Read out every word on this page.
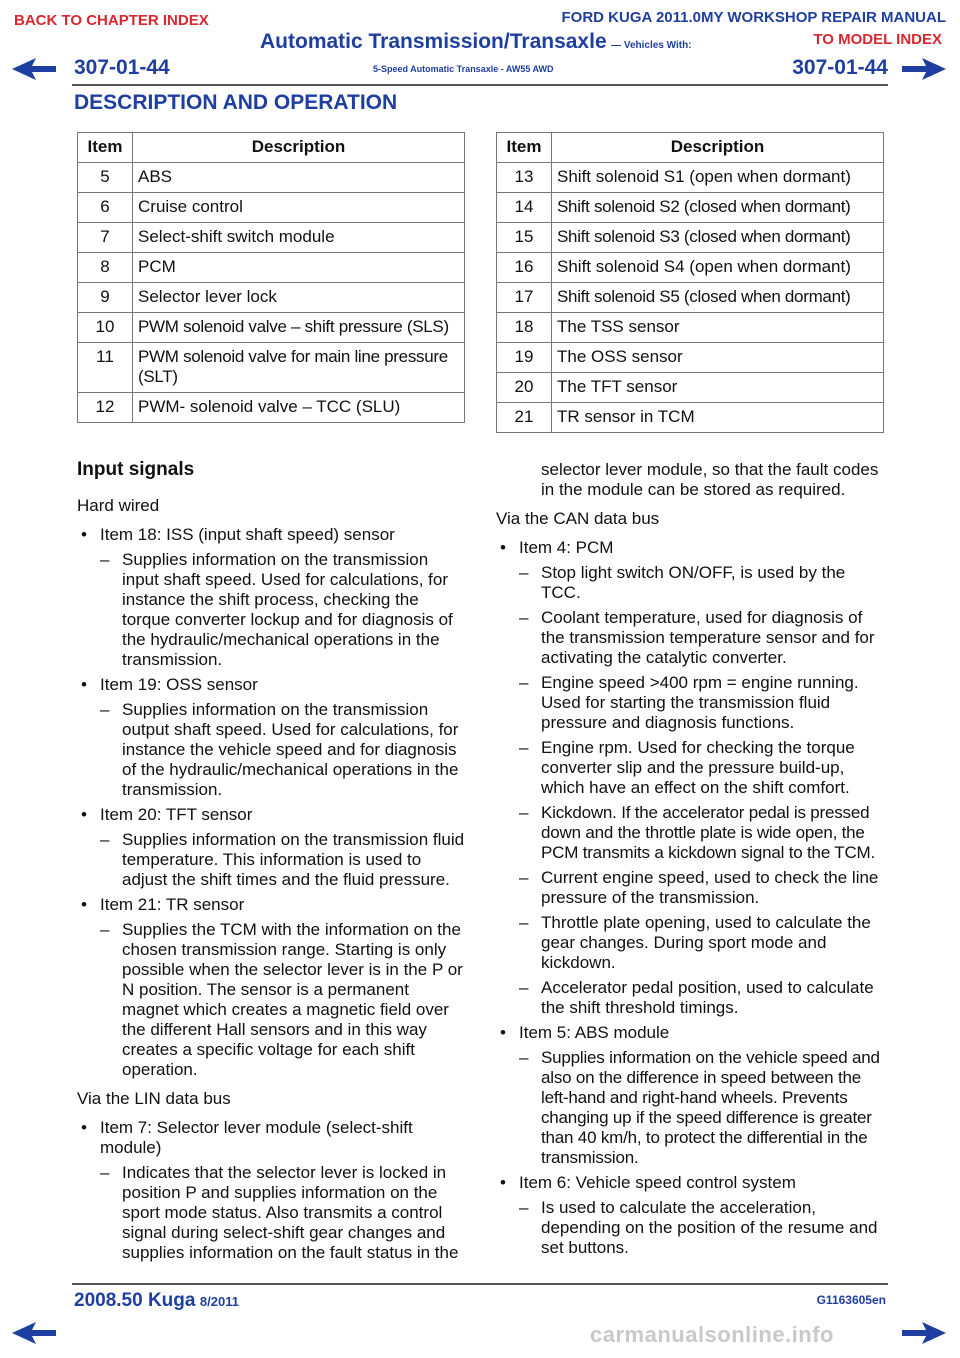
BACK TO CHAPTER INDEX	FORD KUGA 2011.0MY WORKSHOP REPAIR MANUAL
TO MODEL INDEX
Automatic Transmission/Transaxle — Vehicles With:
5-Speed Automatic Transaxle - AW55 AWD
307-01-44	307-01-44
DESCRIPTION AND OPERATION
Item	Description
5	ABS
6	Cruise control
7	Select-shift switch module
8	PCM
9	Selector lever lock
10	PWM solenoid valve – shift pressure (SLS)
11	PWM solenoid valve for main line pressure (SLT)
12	PWM- solenoid valve – TCC (SLU)
Item	Description
13	Shift solenoid S1 (open when dormant)
14	Shift solenoid S2 (closed when dormant)
15	Shift solenoid S3 (closed when dormant)
16	Shift solenoid S4 (open when dormant)
17	Shift solenoid S5 (closed when dormant)
18	The TSS sensor
19	The OSS sensor
20	The TFT sensor
21	TR sensor in TCM
Input signals

Hard wired

• Item 18: ISS (input shaft speed) sensor
– Supplies information on the transmission input shaft speed. Used for calculations, for instance the shift process, checking the torque converter lockup and for diagnosis of the hydraulic/mechanical operations in the transmission.
• Item 19: OSS sensor
– Supplies information on the transmission output shaft speed. Used for calculations, for instance the vehicle speed and for diagnosis of the hydraulic/mechanical operations in the transmission.
• Item 20: TFT sensor
– Supplies information on the transmission fluid temperature. This information is used to adjust the shift times and the fluid pressure.
• Item 21: TR sensor
– Supplies the TCM with the information on the chosen transmission range. Starting is only possible when the selector lever is in the P or N position. The sensor is a permanent magnet which creates a magnetic field over the different Hall sensors and in this way creates a specific voltage for each shift operation.

Via the LIN data bus

• Item 7: Selector lever module (select-shift module)
– Indicates that the selector lever is locked in position P and supplies information on the sport mode status. Also transmits a control signal during select-shift gear changes and supplies information on the fault status in the
selector lever module, so that the fault codes in the module can be stored as required.

Via the CAN data bus

• Item 4: PCM
– Stop light switch ON/OFF, is used by the TCC.
– Coolant temperature, used for diagnosis of the transmission temperature sensor and for activating the catalytic converter.
– Engine speed >400 rpm = engine running. Used for starting the transmission fluid pressure and diagnosis functions.
– Engine rpm. Used for checking the torque converter slip and the pressure build-up, which have an effect on the shift comfort.
– Kickdown. If the accelerator pedal is pressed down and the throttle plate is wide open, the PCM transmits a kickdown signal to the TCM.
– Current engine speed, used to check the line pressure of the transmission.
– Throttle plate opening, used to calculate the gear changes. During sport mode and kickdown.
– Accelerator pedal position, used to calculate the shift threshold timings.
• Item 5: ABS module
– Supplies information on the vehicle speed and also on the difference in speed between the left-hand and right-hand wheels. Prevents changing up if the speed difference is greater than 40 km/h, to protect the differential in the transmission.
• Item 6: Vehicle speed control system
– Is used to calculate the acceleration, depending on the position of the resume and set buttons.
2008.50 Kuga 8/2011	G1163605en
carmanualsonline.info
